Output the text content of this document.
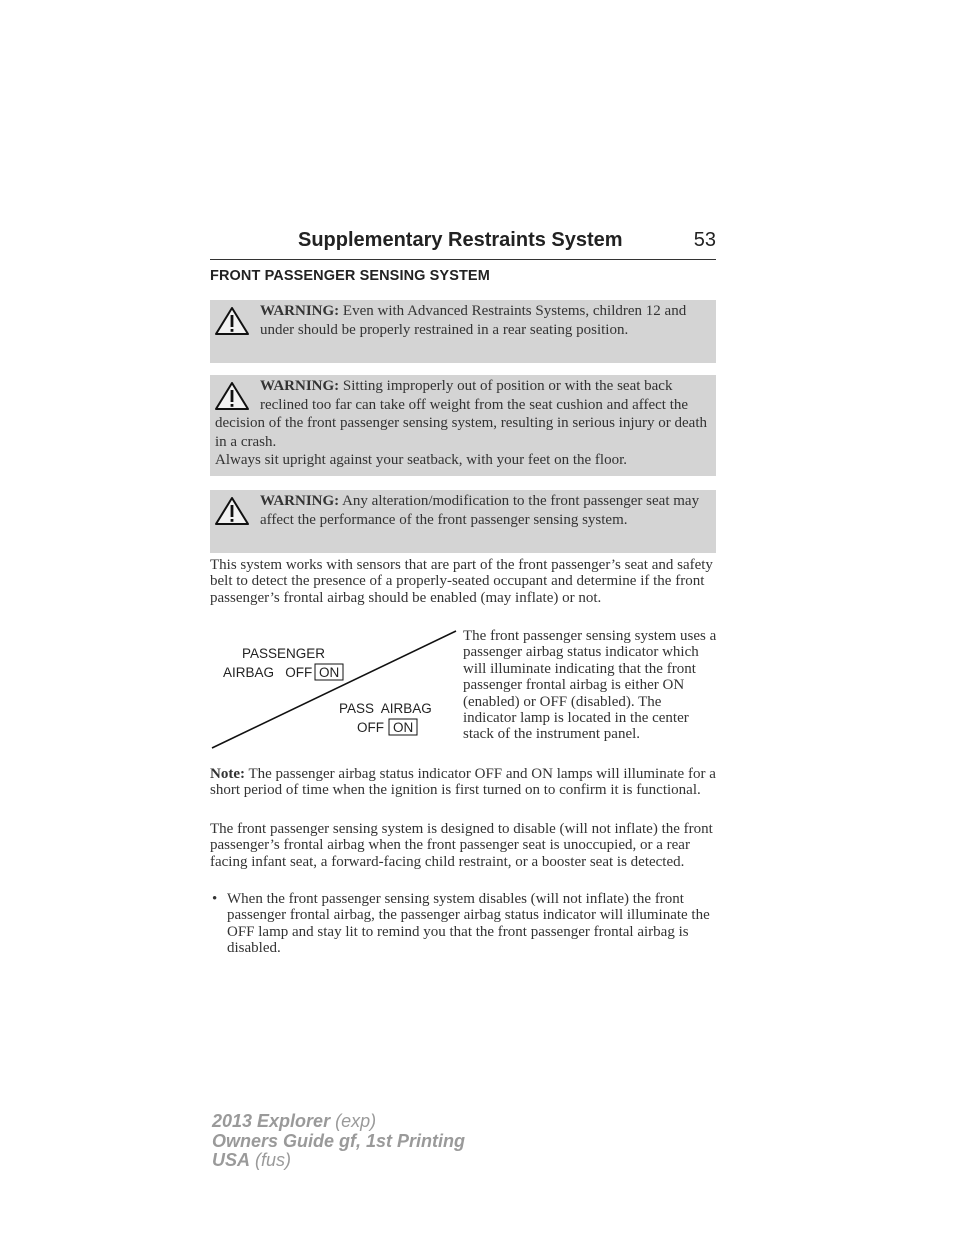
Supplementary Restraints System	53
FRONT PASSENGER SENSING SYSTEM

WARNING: Even with Advanced Restraints Systems, children 12 and under should be properly restrained in a rear seating position.

WARNING: Sitting improperly out of position or with the seat back reclined too far can take off weight from the seat cushion and affect the decision of the front passenger sensing system, resulting in serious injury or death in a crash.

Always sit upright against your seatback, with your feet on the floor.

WARNING: Any alteration/modification to the front passenger seat may affect the performance of the front passenger sensing system.

This system works with sensors that are part of the front passenger’s seat and safety belt to detect the presence of a properly-seated occupant and determine if the front passenger’s frontal airbag should be enabled (may inflate) or not.

PASSENGER
AIRBAG   OFF ON
PASS  AIRBAG
OFF ON

The front passenger sensing system uses a passenger airbag status indicator which will illuminate indicating that the front passenger frontal airbag is either ON (enabled) or OFF (disabled). The indicator lamp is located in the center stack of the instrument panel.

Note: The passenger airbag status indicator OFF and ON lamps will illuminate for a short period of time when the ignition is first turned on to confirm it is functional.

The front passenger sensing system is designed to disable (will not inflate) the front passenger’s frontal airbag when the front passenger seat is unoccupied, or a rear facing infant seat, a forward-facing child restraint, or a booster seat is detected.

• When the front passenger sensing system disables (will not inflate) the front passenger frontal airbag, the passenger airbag status indicator will illuminate the OFF lamp and stay lit to remind you that the front passenger frontal airbag is disabled.
2013 Explorer (exp)
Owners Guide gf, 1st Printing
USA (fus)
